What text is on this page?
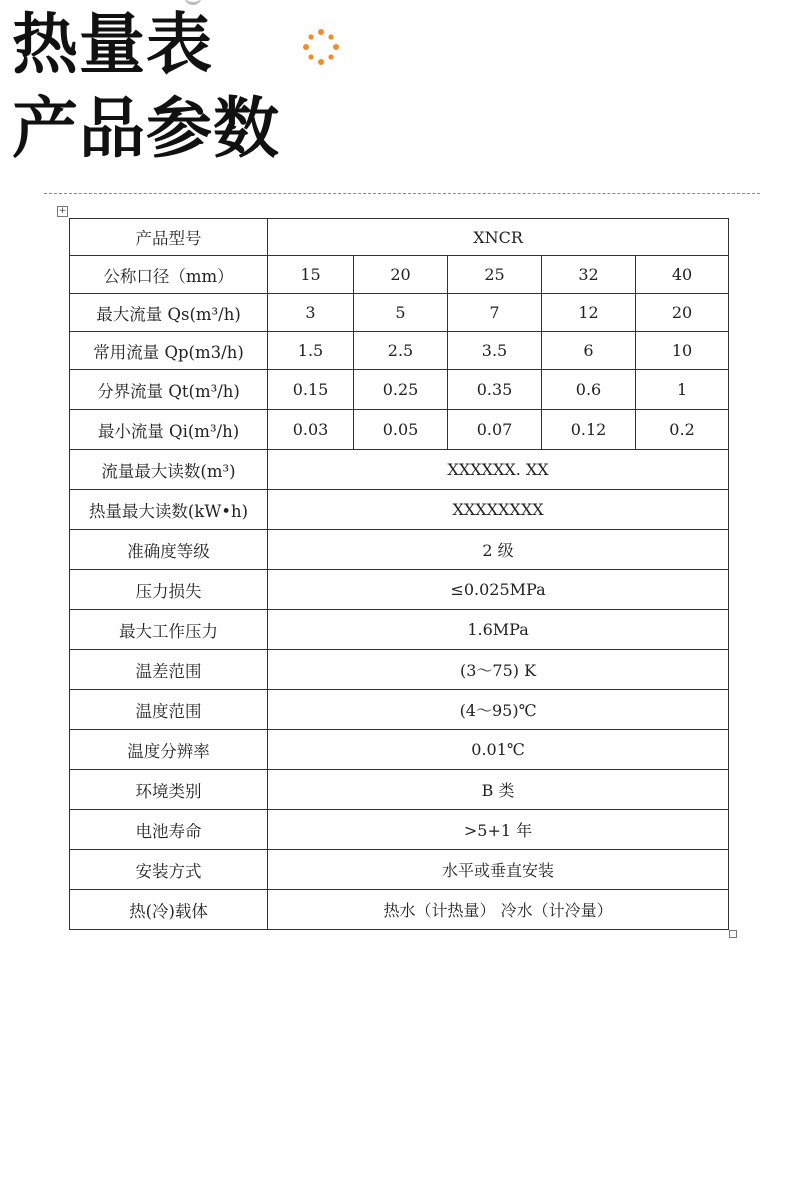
热量表
产品参数
+
产品型号	XNCR				
公称口径（mm）	15	20	25	32	40
最大流量 Qs(m³/h)	3	5	7	12	20
常用流量 Qp(m3/h)	1.5	2.5	3.5	6	10
分界流量 Qt(m³/h)	0.15	0.25	0.35	0.6	1
最小流量 Qi(m³/h)	0.03	0.05	0.07	0.12	0.2
流量最大读数(m³)	XXXXXX. XX				
热量最大读数(kW•h)	XXXXXXXX				
准确度等级	2 级				
压力损失	≤0.025MPa				
最大工作压力	1.6MPa				
温差范围	(3～75) K				
温度范围	(4～95)℃				
温度分辨率	0.01℃				
环境类别	B 类				
电池寿命	>5+1 年				
安装方式	水平或垂直安装				
热(冷)载体	热水（计热量） 冷水（计冷量）				
